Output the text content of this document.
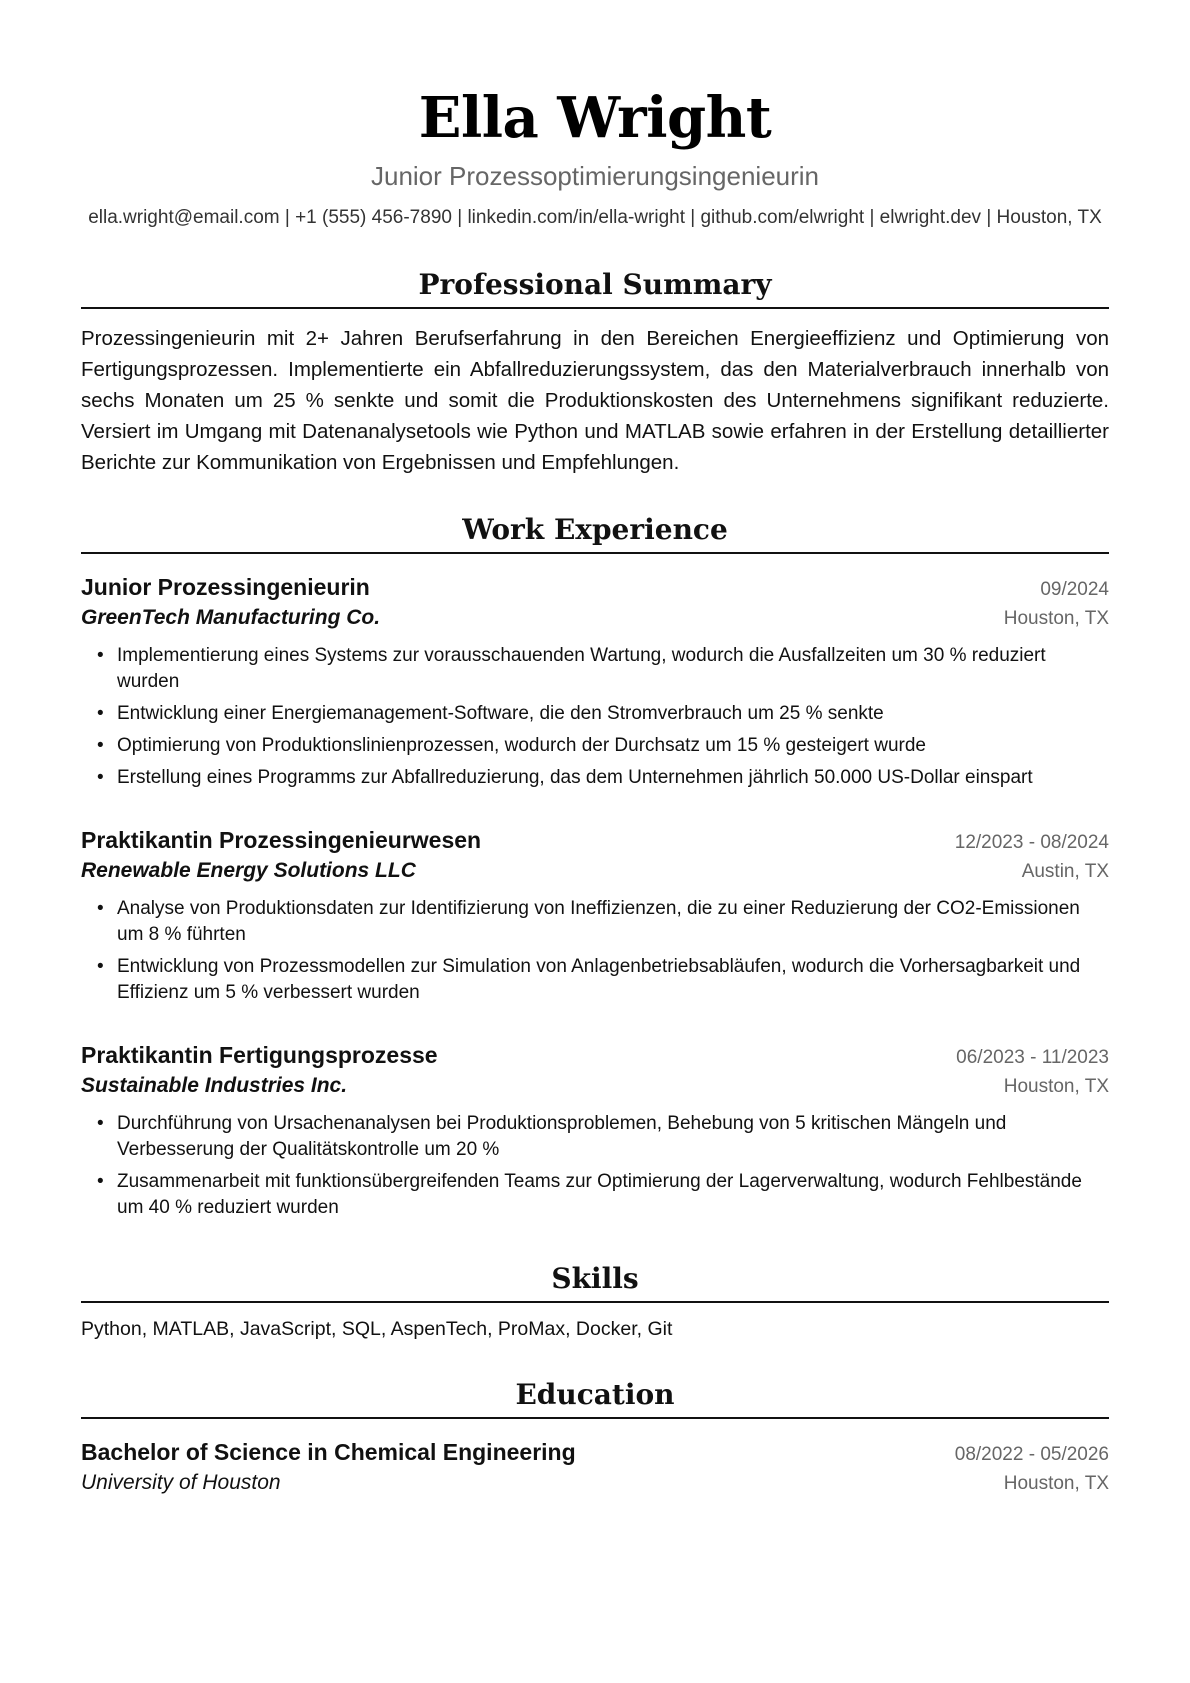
Ella Wright
Junior Prozessoptimierungsingenieurin
ella.wright@email.com | +1 (555) 456-7890 | linkedin.com/in/ella-wright | github.com/elwright | elwright.dev | Houston, TX
Professional Summary

Prozessingenieurin mit 2+ Jahren Berufserfahrung in den Bereichen Energieeffizienz und Optimierung von Fertigungsprozessen. Implementierte ein Abfallreduzierungssystem, das den Materialverbrauch innerhalb von sechs Monaten um 25 % senkte und somit die Produktionskosten des Unternehmens signifikant reduzierte. Versiert im Umgang mit Datenanalysetools wie Python und MATLAB sowie erfahren in der Erstellung detaillierter Berichte zur Kommunikation von Ergebnissen und Empfehlungen.

Work Experience
Junior Prozessingenieurin	09/2024
GreenTech Manufacturing Co.	Houston, TX
• Implementierung eines Systems zur vorausschauenden Wartung, wodurch die Ausfallzeiten um 30 % reduziert wurden
• Entwicklung einer Energiemanagement-Software, die den Stromverbrauch um 25 % senkte
• Optimierung von Produktionslinienprozessen, wodurch der Durchsatz um 15 % gesteigert wurde
• Erstellung eines Programms zur Abfallreduzierung, das dem Unternehmen jährlich 50.000 US-Dollar einspart
Praktikantin Prozessingenieurwesen	12/2023 - 08/2024
Renewable Energy Solutions LLC	Austin, TX
• Analyse von Produktionsdaten zur Identifizierung von Ineffizienzen, die zu einer Reduzierung der CO2-Emissionen um 8 % führten
• Entwicklung von Prozessmodellen zur Simulation von Anlagenbetriebsabläufen, wodurch die Vorhersagbarkeit und Effizienz um 5 % verbessert wurden
Praktikantin Fertigungsprozesse	06/2023 - 11/2023
Sustainable Industries Inc.	Houston, TX
• Durchführung von Ursachenanalysen bei Produktionsproblemen, Behebung von 5 kritischen Mängeln und Verbesserung der Qualitätskontrolle um 20 %
• Zusammenarbeit mit funktionsübergreifenden Teams zur Optimierung der Lagerverwaltung, wodurch Fehlbestände um 40 % reduziert wurden
Skills
Python, MATLAB, JavaScript, SQL, AspenTech, ProMax, Docker, Git
Education
Bachelor of Science in Chemical Engineering	08/2022 - 05/2026
University of Houston	Houston, TX
